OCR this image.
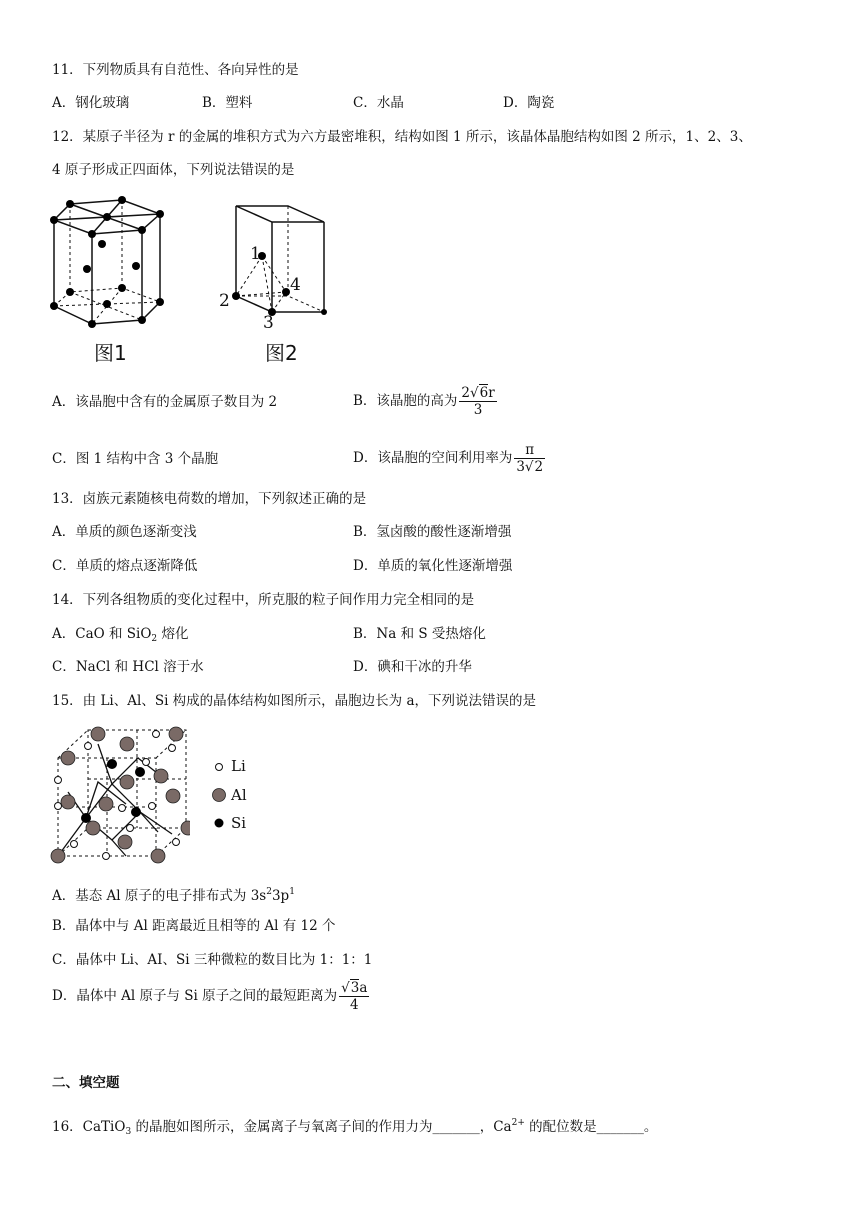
11．下列物质具有自范性、各向异性的是
A．钢化玻璃	B．塑料	C．水晶	D．陶瓷
12．某原子半径为 r 的金属的堆积方式为六方最密堆积，结构如图 1 所示，该晶体晶胞结构如图 2 所示，1、2、3、
4 原子形成正四面体，下列说法错误的是
图1
1
2
3
4
图2
A．该晶胞中含有的金属原子数目为 2	B．该晶胞的高为 $\frac{2√6r}{3}$
C．图 1 结构中含 3 个晶胞	D．该晶胞的空间利用率为 $\frac{\pi}{3√2}$
13．卤族元素随核电荷数的增加，下列叙述正确的是
A．单质的颜色逐渐变浅	B．氢卤酸的酸性逐渐增强
C．单质的熔点逐渐降低	D．单质的氧化性逐渐增强
14．下列各组物质的变化过程中，所克服的粒子间作用力完全相同的是
A．CaO 和 SiO$_2$ 熔化	B．Na 和 S 受热熔化
C．NaCl 和 HCl 溶于水	D．碘和干冰的升华
15．由 Li、Al、Si 构成的晶体结构如图所示，晶胞边长为 a，下列说法错误的是
Li
Al
Si
A．基态 Al 原子的电子排布式为 $3s^23p^1$
B．晶体中与 Al 距离最近且相等的 Al 有 12 个
C．晶体中 Li、AI、Si 三种微粒的数目比为 1：1：1
D．晶体中 Al 原子与 Si 原子之间的最短距离为 $\frac{√3a}{4}$
二、填空题
16．CaTiO$_3$ 的晶胞如图所示，金属离子与氧离子间的作用力为_______，$Ca^{2+}$ 的配位数是_______。
